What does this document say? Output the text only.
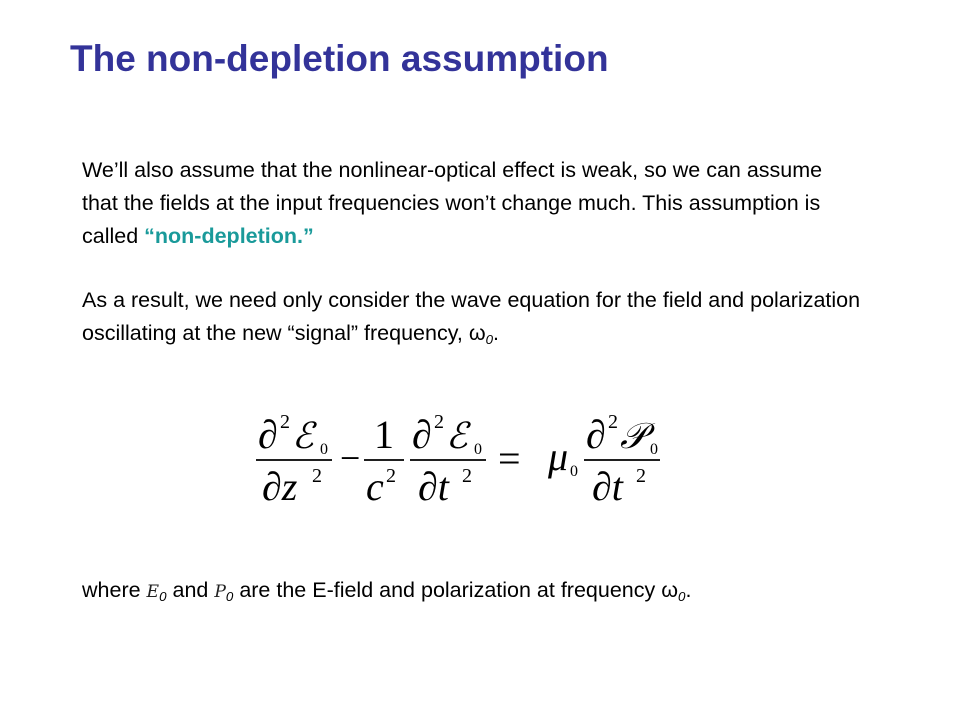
The non-depletion assumption
We’ll also assume that the nonlinear-optical effect is weak, so we can assume that the fields at the input frequencies won’t change much. This assumption is called “non-depletion.”
As a result, we need only consider the wave equation for the field and polarization oscillating at the new “signal” frequency, $\omega_0$.
∂ 2 ℰ 0
∂z 2 −
1
c 2
∂ 2 ℰ 0
∂t 2 = μ 0
∂ 2 𝒫 0
∂t 2
where $E_0$ and $P_0$ are the E-field and polarization at frequency $\omega_0$.
